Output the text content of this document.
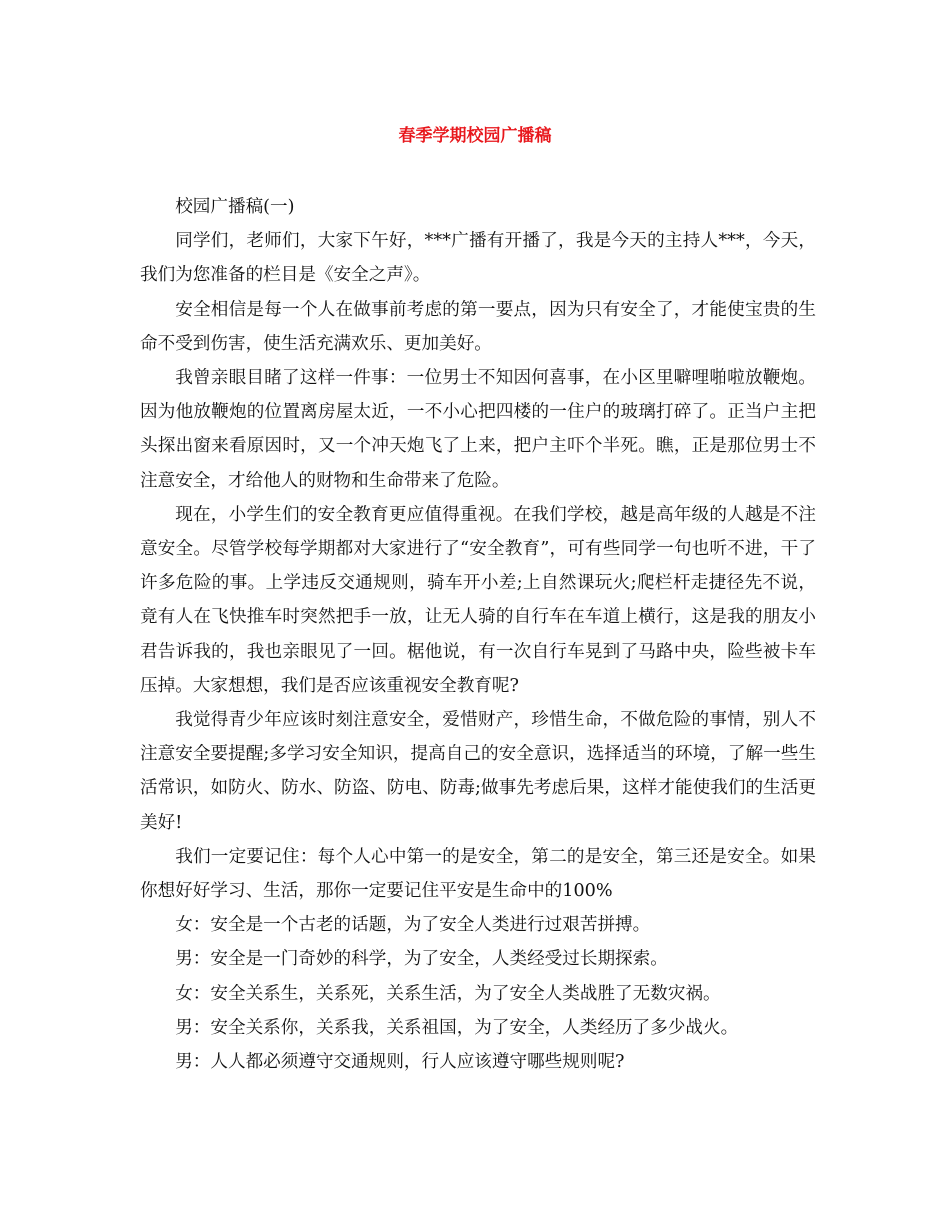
春季学期校园广播稿

校园广播稿(一)

同学们，老师们，大家下午好，***广播有开播了，我是今天的主持人***，今天，我们为您准备的栏目是《安全之声》。

安全相信是每一个人在做事前考虑的第一要点，因为只有安全了，才能使宝贵的生命不受到伤害，使生活充满欢乐、更加美好。

我曾亲眼目睹了这样一件事：一位男士不知因何喜事，在小区里噼哩啪啦放鞭炮。因为他放鞭炮的位置离房屋太近，一不小心把四楼的一住户的玻璃打碎了。正当户主把头探出窗来看原因时，又一个冲天炮飞了上来，把户主吓个半死。瞧，正是那位男士不注意安全，才给他人的财物和生命带来了危险。

现在，小学生们的安全教育更应值得重视。在我们学校，越是高年级的人越是不注意安全。尽管学校每学期都对大家进行了“安全教育”，可有些同学一句也听不进，干了许多危险的事。上学违反交通规则，骑车开小差;上自然课玩火;爬栏杆走捷径先不说，竟有人在飞快推车时突然把手一放，让无人骑的自行车在车道上横行，这是我的朋友小君告诉我的，我也亲眼见了一回。椐他说，有一次自行车晃到了马路中央，险些被卡车压掉。大家想想，我们是否应该重视安全教育呢?

我觉得青少年应该时刻注意安全，爱惜财产，珍惜生命，不做危险的事情，别人不注意安全要提醒;多学习安全知识，提高自己的安全意识，选择适当的环境，了解一些生活常识，如防火、防水、防盗、防电、防毒;做事先考虑后果，这样才能使我们的生活更美好!

我们一定要记住：每个人心中第一的是安全，第二的是安全，第三还是安全。如果你想好好学习、生活，那你一定要记住平安是生命中的100%

女：安全是一个古老的话题，为了安全人类进行过艰苦拼搏。

男：安全是一门奇妙的科学，为了安全，人类经受过长期探索。

女：安全关系生，关系死，关系生活，为了安全人类战胜了无数灾祸。

男：安全关系你，关系我，关系祖国，为了安全，人类经历了多少战火。

男：人人都必须遵守交通规则，行人应该遵守哪些规则呢?
